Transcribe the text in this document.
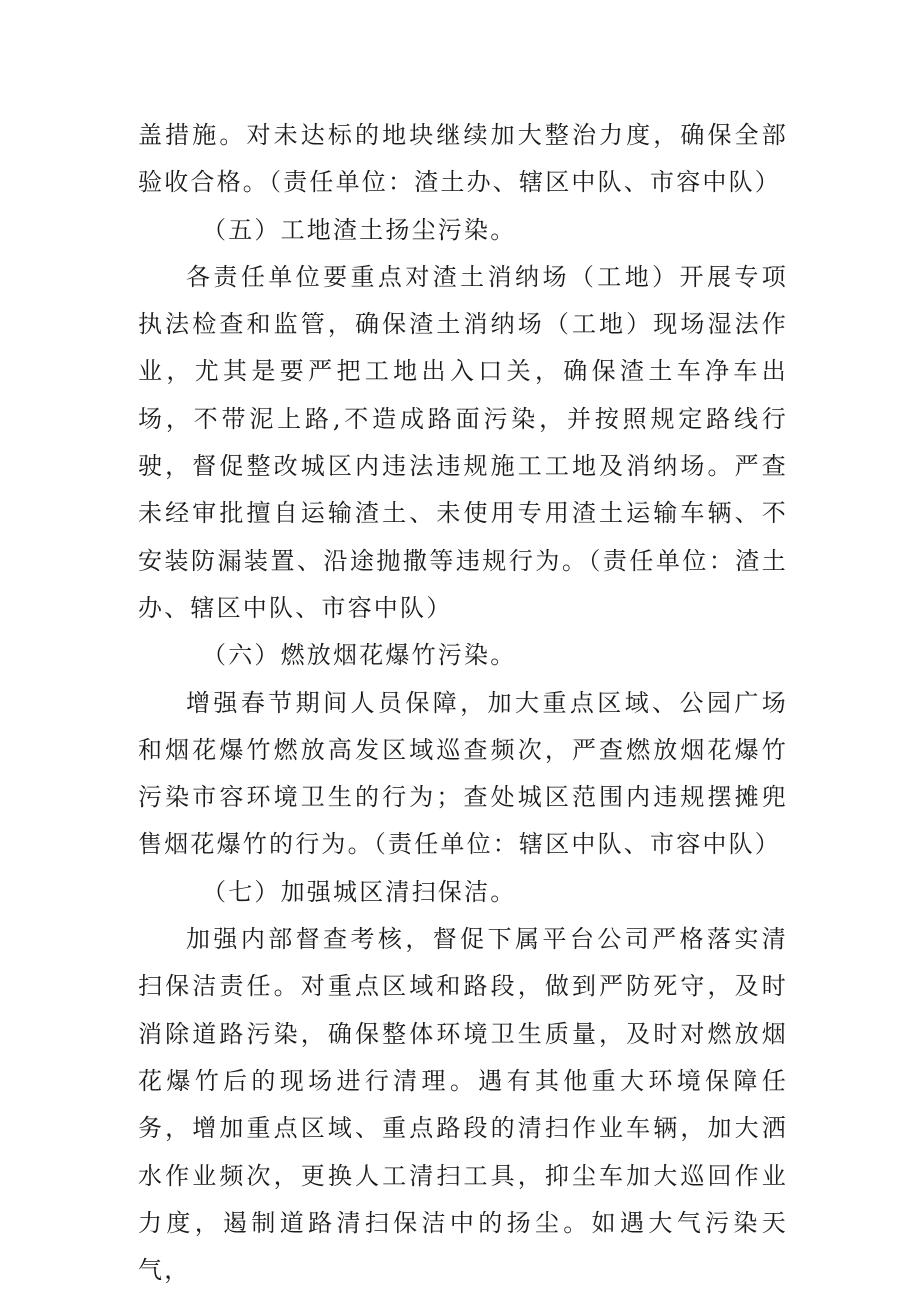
盖措施。对未达标的地块继续加大整治力度，确保全部验收合格。（责任单位：渣土办、辖区中队、市容中队）

（五）工地渣土扬尘污染。

各责任单位要重点对渣土消纳场（工地）开展专项执法检查和监管，确保渣土消纳场（工地）现场湿法作业，尤其是要严把工地出入口关，确保渣土车净车出场，不带泥上路,不造成路面污染，并按照规定路线行驶，督促整改城区内违法违规施工工地及消纳场。严查未经审批擅自运输渣土、未使用专用渣土运输车辆、不安装防漏装置、沿途抛撒等违规行为。（责任单位：渣土办、辖区中队、市容中队）

（六）燃放烟花爆竹污染。

增强春节期间人员保障，加大重点区域、公园广场和烟花爆竹燃放高发区域巡查频次，严查燃放烟花爆竹污染市容环境卫生的行为；查处城区范围内违规摆摊兜售烟花爆竹的行为。（责任单位：辖区中队、市容中队）

（七）加强城区清扫保洁。

加强内部督查考核，督促下属平台公司严格落实清扫保洁责任。对重点区域和路段，做到严防死守，及时消除道路污染，确保整体环境卫生质量，及时对燃放烟花爆竹后的现场进行清理。遇有其他重大环境保障任务，增加重点区域、重点路段的清扫作业车辆，加大洒水作业频次，更换人工清扫工具，抑尘车加大巡回作业力度，遏制道路清扫保洁中的扬尘。如遇大气污染天气，
